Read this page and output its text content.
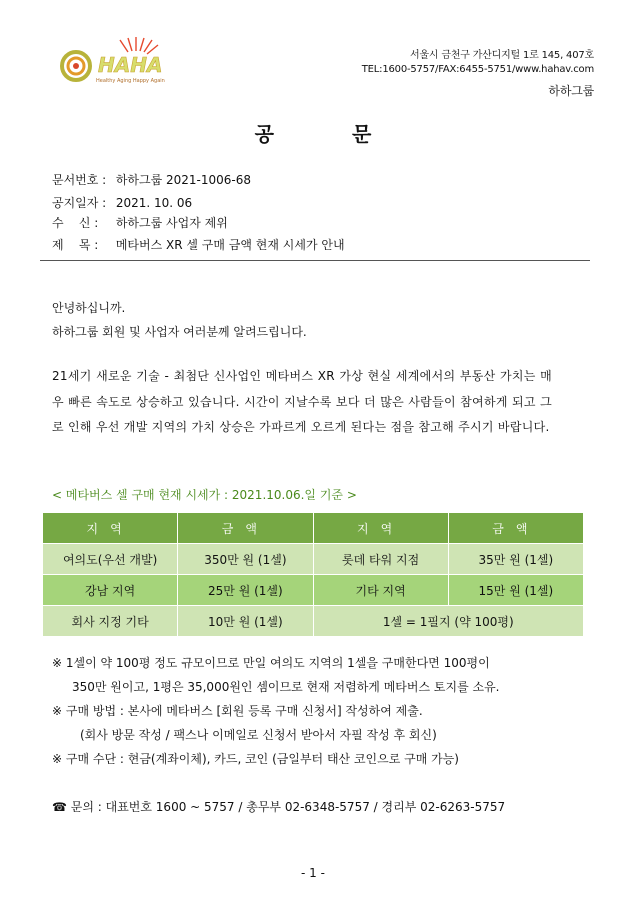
HAHA
Healthy Aging Happy Again
서울시 금천구 가산디지털 1로 145, 407호
TEL:1600-5757/FAX:6455-5751/www.hahav.com
하하그룹
공문
문서번호 : 하하그룹 2021-1006-68
공지일자 : 2021. 10. 06
수    신 : 하하그룹 사업자 제위
제    목 : 메타버스 XR 셀 구매 금액 현재 시세가 안내
안녕하십니까.
하하그룹 회원 및 사업자 여러분께 알려드립니다.
21세기 새로운 기술 - 최첨단 신사업인 메타버스 XR 가상 현실 세계에서의 부동산 가치는 매우 빠른 속도로 상승하고 있습니다. 시간이 지날수록 보다 더 많은 사람들이 참여하게 되고 그로 인해 우선 개발 지역의 가치 상승은 가파르게 오르게 된다는 점을 참고해 주시기 바랍니다.
< 메타버스 셀 구매 현재 시세가 : 2021.10.06.일 기준 >
지역	금액	지역	금액
여의도(우선 개발)	350만 원 (1셀)	롯데 타워 지점	35만 원 (1셀)
강남 지역	25만 원 (1셀)	기타 지역	15만 원 (1셀)
회사 지정 기타	10만 원 (1셀)	1셀 = 1필지 (약 100평)	
※ 1셀이 약 100평 정도 규모이므로 만일 여의도 지역의 1셀을 구매한다면 100평이
350만 원이고, 1평은 35,000원인 셈이므로 현재 저렴하게 메타버스 토지를 소유.
※ 구매 방법 : 본사에 메타버스 [회원 등록 구매 신청서] 작성하여 제출.
(회사 방문 작성 / 팩스나 이메일로 신청서 받아서 자필 작성 후 회신)
※ 구매 수단 : 현금(계좌이체), 카드, 코인 (금일부터 태산 코인으로 구매 가능)
☎ 문의 : 대표번호 1600 ~ 5757 / 총무부 02-6348-5757 / 경리부 02-6263-5757
- 1 -
